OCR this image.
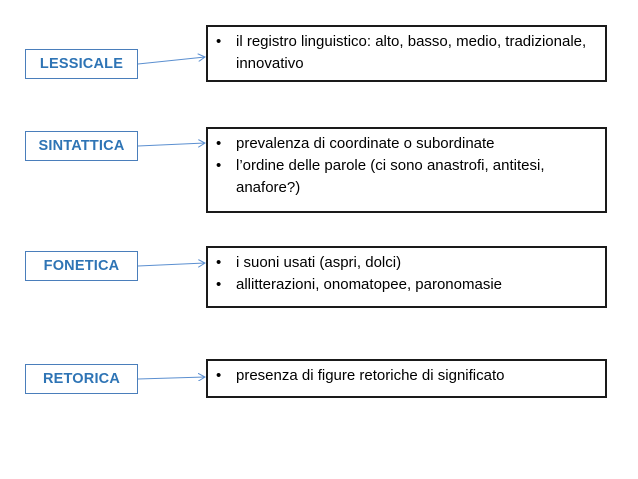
LESSICALE
• il registro linguistico: alto, basso, medio, tradizionale, innovativo
SINTATTICA	• prevalenza di coordinate o subordinate
• l’ordine delle parole (ci sono anastrofi, antitesi, anafore?)
FONETICA	• i suoni usati (aspri, dolci)
• allitterazioni, onomatopee, paronomasie
RETORICA	• presenza di figure retoriche di significato
